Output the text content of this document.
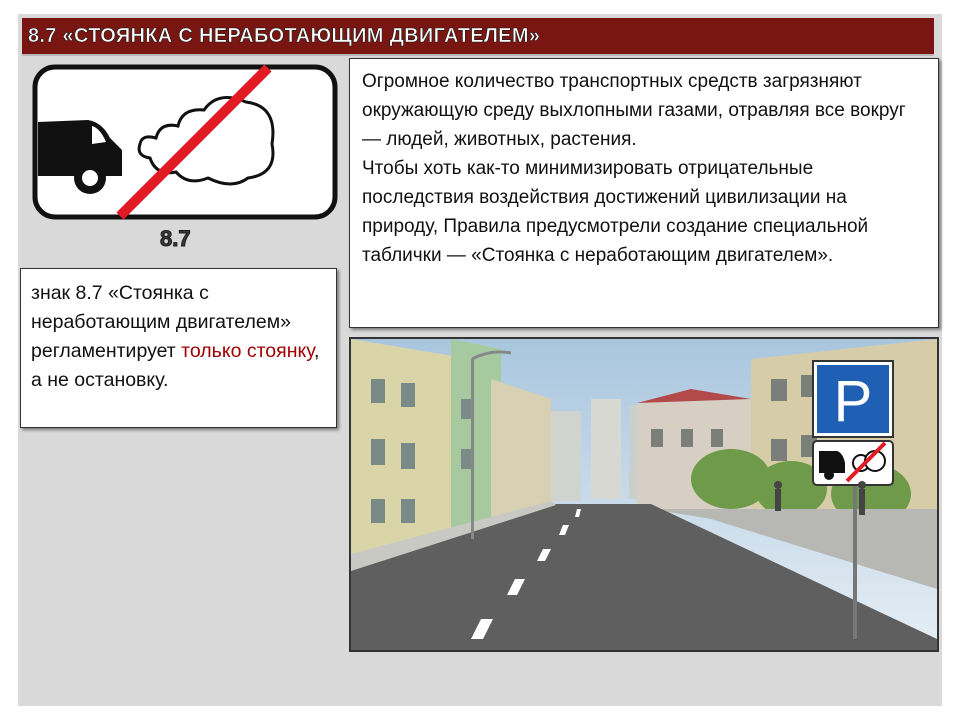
8.7 «СТОЯНКА С НЕРАБОТАЮЩИМ ДВИГАТЕЛЕМ»
8.7

знак 8.7 «Стоянка с неработающим двигателем» регламентирует только стоянку, а не остановку.

Огромное количество транспортных средств загрязняют окружающую среду выхлопными газами, отравляя все вокруг — людей, животных, растения.
Чтобы хоть как-то минимизировать отрицательные последствия воздействия достижений цивилизации на природу, Правила предусмотрели создание специальной таблички — «Стоянка с неработающим двигателем».

P
